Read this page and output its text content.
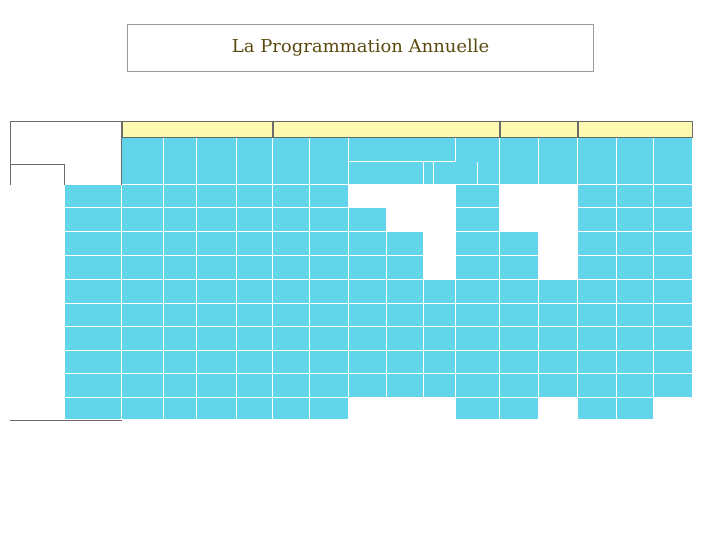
La Programmation Annuelle
